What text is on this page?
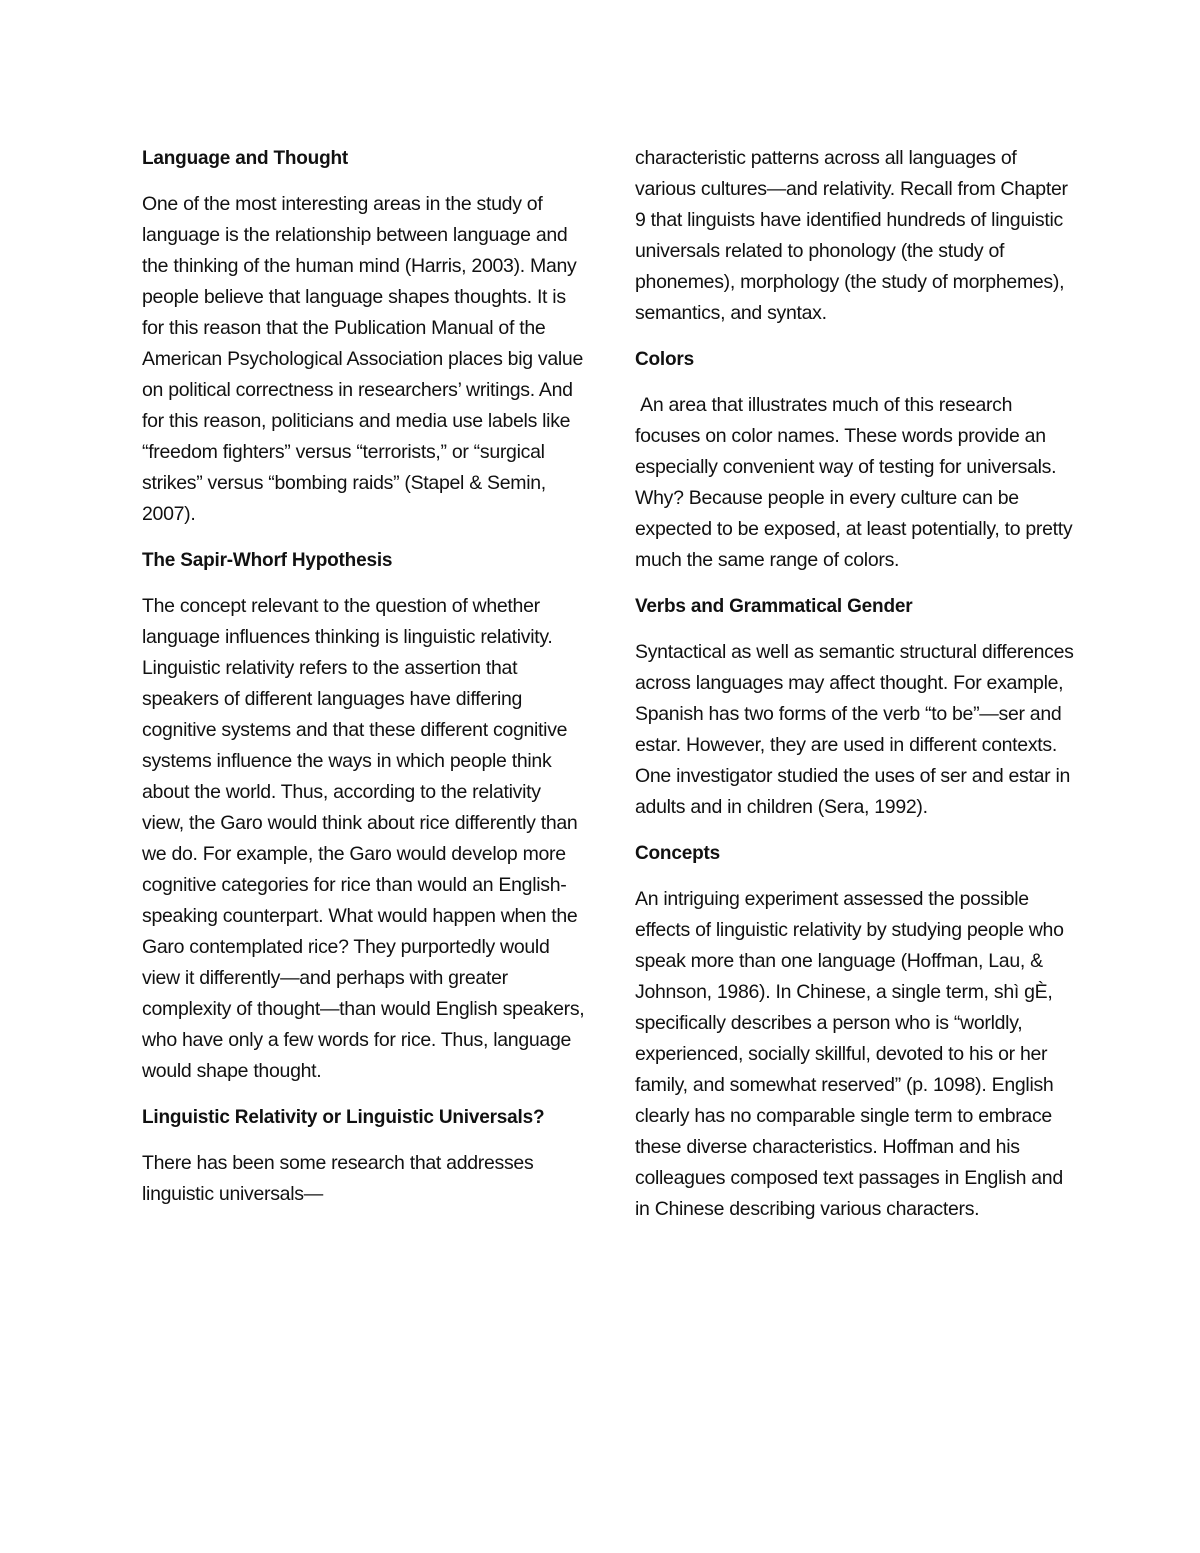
Language and Thought
One of the most interesting areas in the study of language is the relationship between language and the thinking of the human mind (Harris, 2003). Many people believe that language shapes thoughts. It is for this reason that the Publication Manual of the American Psychological Association places big value on political correctness in researchers’ writings. And for this reason, politicians and media use labels like “freedom fighters” versus “terrorists,” or “surgical strikes” versus “bombing raids” (Stapel & Semin, 2007).
The Sapir-Whorf Hypothesis
The concept relevant to the question of whether language influences thinking is linguistic relativity. Linguistic relativity refers to the assertion that speakers of different languages have differing cognitive systems and that these different cognitive systems influence the ways in which people think about the world. Thus, according to the relativity view, the Garo would think about rice differently than we do. For example, the Garo would develop more cognitive categories for rice than would an English-speaking counterpart. What would happen when the Garo contemplated rice? They purportedly would view it differently—and perhaps with greater complexity of thought—than would English speakers, who have only a few words for rice. Thus, language would shape thought.
Linguistic Relativity or Linguistic Universals?
There has been some research that addresses linguistic universals—
characteristic patterns across all languages of various cultures—and relativity. Recall from Chapter 9 that linguists have identified hundreds of linguistic universals related to phonology (the study of phonemes), morphology (the study of morphemes), semantics, and syntax.
Colors
An area that illustrates much of this research focuses on color names. These words provide an especially convenient way of testing for universals. Why? Because people in every culture can be expected to be exposed, at least potentially, to pretty much the same range of colors.
Verbs and Grammatical Gender
Syntactical as well as semantic structural differences across languages may affect thought. For example, Spanish has two forms of the verb “to be”—ser and estar. However, they are used in different contexts. One investigator studied the uses of ser and estar in adults and in children (Sera, 1992).
Concepts
An intriguing experiment assessed the possible effects of linguistic relativity by studying people who speak more than one language (Hoffman, Lau, & Johnson, 1986). In Chinese, a single term, shì gÈ, specifically describes a person who is “worldly, experienced, socially skillful, devoted to his or her family, and somewhat reserved” (p. 1098). English clearly has no comparable single term to embrace these diverse characteristics. Hoffman and his colleagues composed text passages in English and in Chinese describing various characters.
